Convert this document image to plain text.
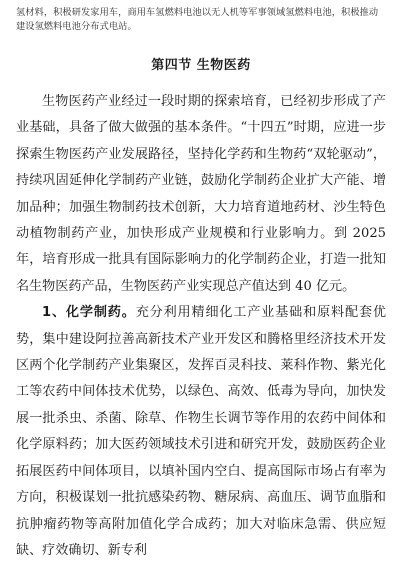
氢材料，积极研发家用车，商用车氢燃料电池以无人机等军事领域氢燃料电池，积极推动建设氢燃料电池分布式电站。

第四节 生物医药

生物医药产业经过一段时期的探索培育，已经初步形成了产业基础，具备了做大做强的基本条件。“十四五”时期，应进一步探索生物医药产业发展路径，坚持化学药和生物药“双轮驱动”，持续巩固延伸化学制药产业链，鼓励化学制药企业扩大产能、增加品种；加强生物制药技术创新，大力培育道地药材、沙生特色动植物制药产业，加快形成产业规模和行业影响力。到 2025 年，培育形成一批具有国际影响力的化学制药企业，打造一批知名生物医药产品，生物医药产业实现总产值达到 40 亿元。

1、化学制药。充分利用精细化工产业基础和原料配套优势，集中建设阿拉善高新技术产业开发区和腾格里经济技术开发区两个化学制药产业集聚区，发挥百灵科技、莱科作物、紫光化工等农药中间体技术优势，以绿色、高效、低毒为导向，加快发展一批杀虫、杀菌、除草、作物生长调节等作用的农药中间体和化学原料药；加大医药领域技术引进和研究开发，鼓励医药企业拓展医药中间体项目，以填补国内空白、提高国际市场占有率为方向，积极谋划一批抗感染药物、糖尿病、高血压、调节血脂和抗肿瘤药物等高附加值化学合成药；加大对临床急需、供应短缺、疗效确切、新专利
